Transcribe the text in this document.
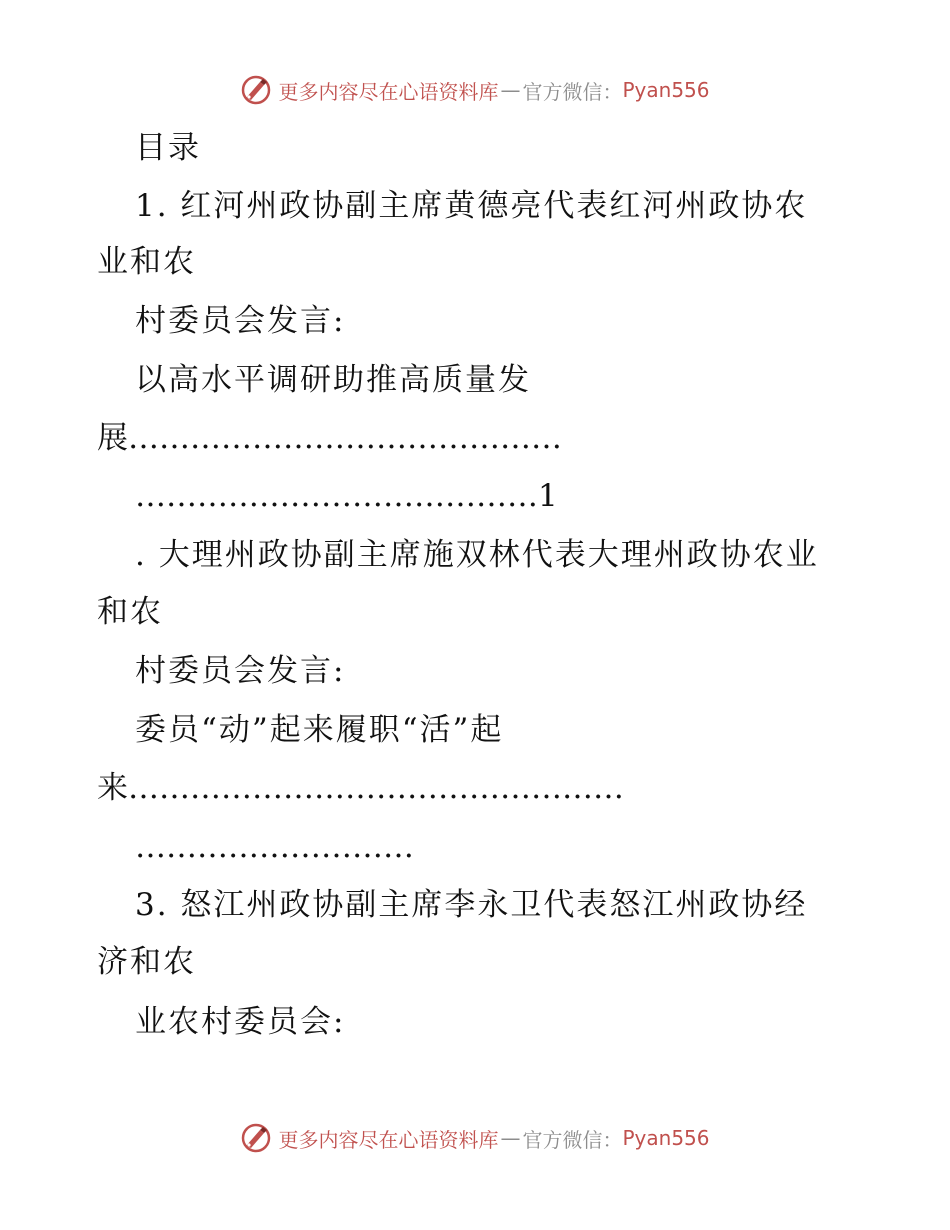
更多内容尽在心语资料库 — 官方微信： Pyan556
目录
1. 红河州政协副主席黄德亮代表红河州政协农
业和农
村委员会发言:
以高水平调研助推高质量发
展……………………………………
…………………………………1
. 大理州政协副主席施双林代表大理州政协农业
和农
村委员会发言:
委员“动”起来履职“活”起
来…………………………………………
………………………
3. 怒江州政协副主席李永卫代表怒江州政协经
济和农
业农村委员会:
更多内容尽在心语资料库 — 官方微信： Pyan556
